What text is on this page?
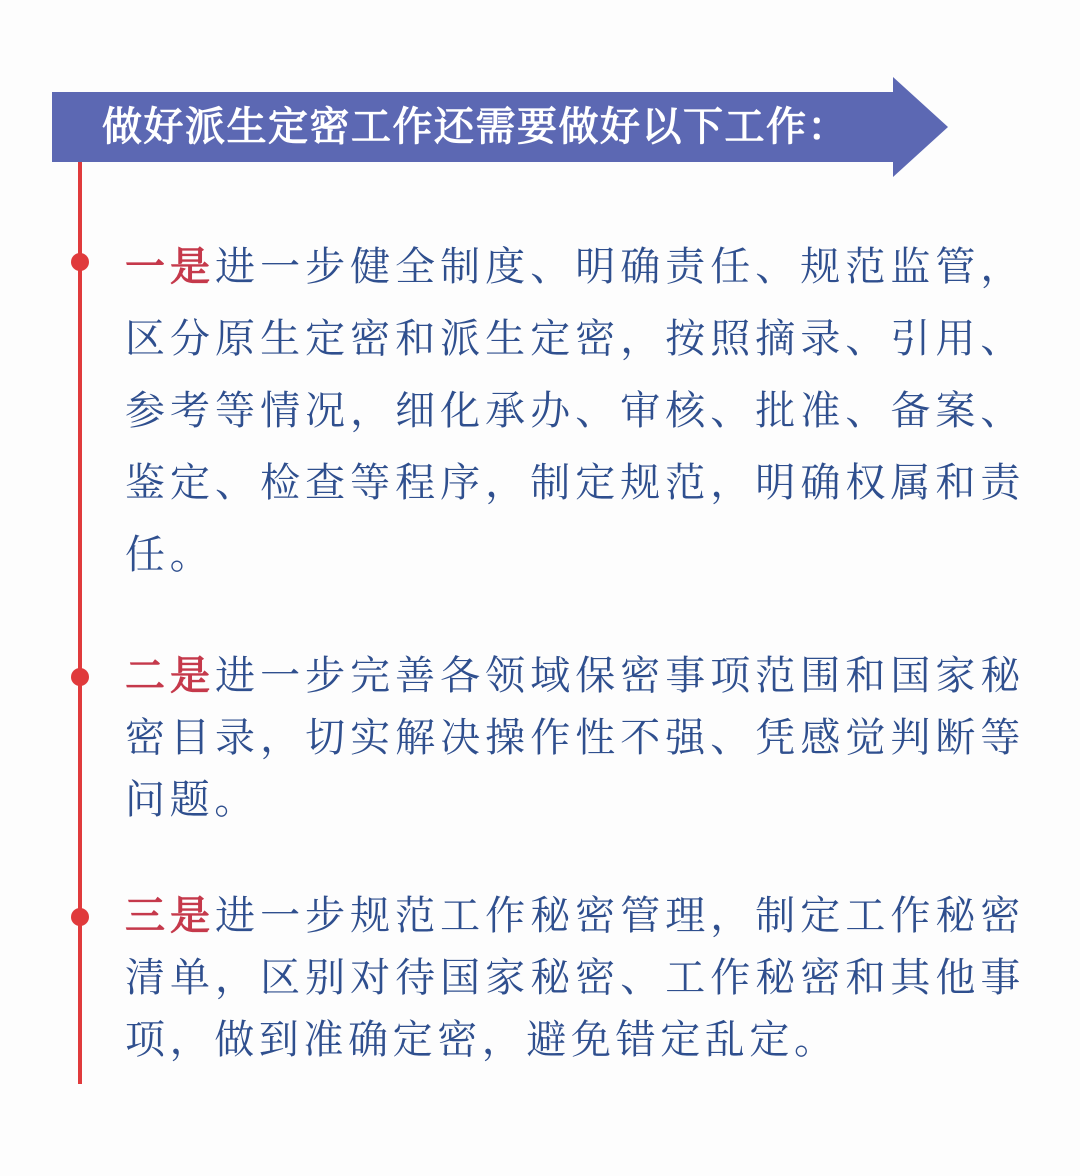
做好派生定密工作还需要做好以下工作：

一是进一步健全制度、明确责任、规范监管，区分原生定密和派生定密，按照摘录、引用、参考等情况，细化承办、审核、批准、备案、鉴定、检查等程序，制定规范，明确权属和责任。

二是进一步完善各领域保密事项范围和国家秘密目录，切实解决操作性不强、凭感觉判断等问题。

三是进一步规范工作秘密管理，制定工作秘密清单，区别对待国家秘密、工作秘密和其他事项，做到准确定密，避免错定乱定。
